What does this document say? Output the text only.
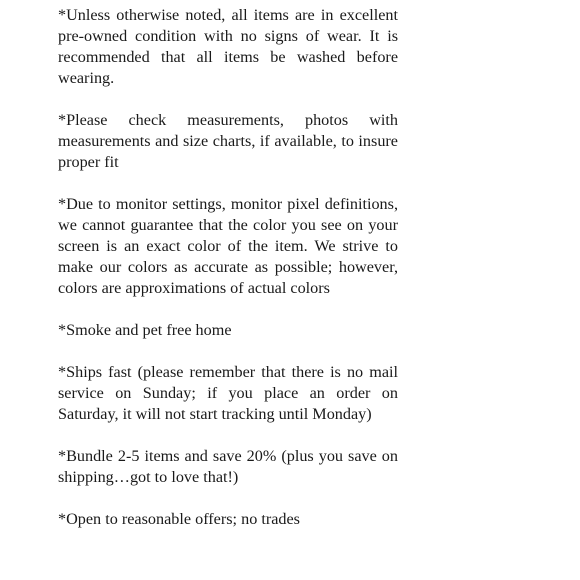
*Unless otherwise noted, all items are in excellent pre-owned condition with no signs of wear. It is recommended that all items be washed before wearing.

*Please check measurements, photos with measurements and size charts, if available, to insure proper fit

*Due to monitor settings, monitor pixel definitions, we cannot guarantee that the color you see on your screen is an exact color of the item. We strive to make our colors as accurate as possible; however, colors are approximations of actual colors

*Smoke and pet free home

*Ships fast (please remember that there is no mail service on Sunday; if you place an order on Saturday, it will not start tracking until Monday)

*Bundle 2-5 items and save 20% (plus you save on shipping…got to love that!)

*Open to reasonable offers; no trades
